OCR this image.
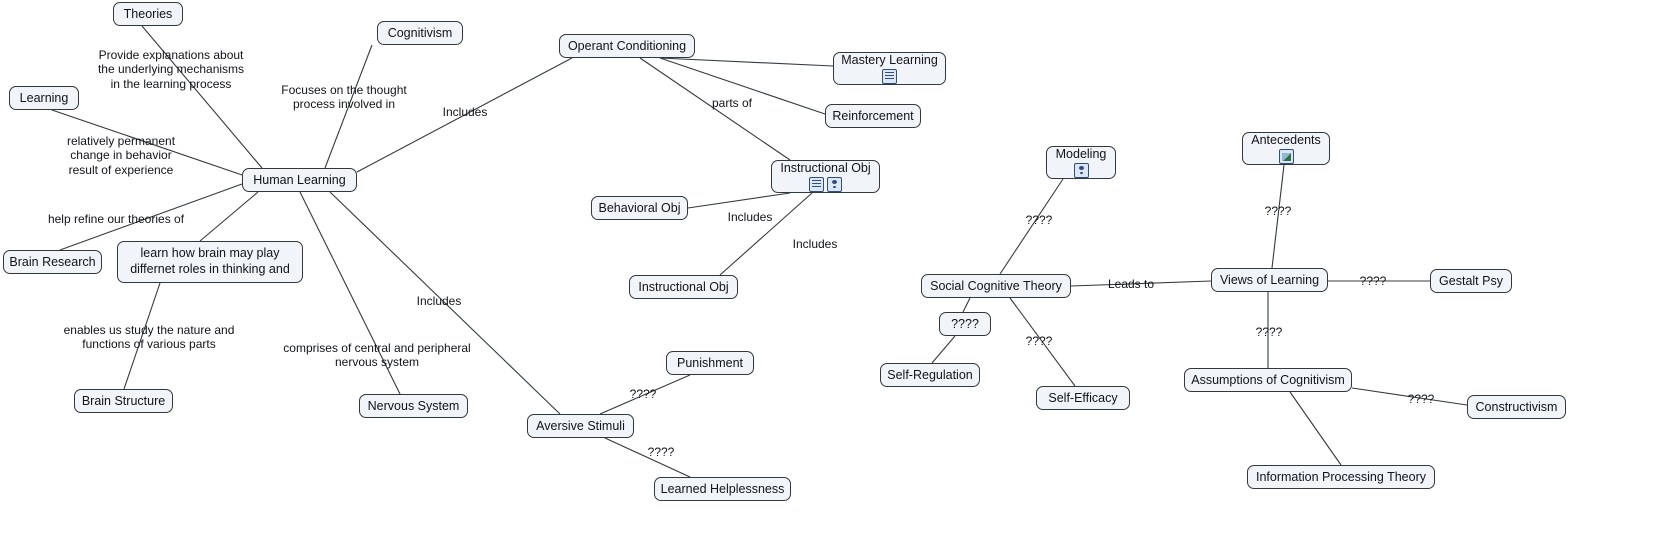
Theories
Cognitivism
Operant Conditioning
Mastery Learning
Learning
Reinforcement
Antecedents
Modeling
Instructional Obj
Human Learning
Behavioral Obj
Brain Research
learn how brain may play differnet roles in thinking and
Views of Learning
Social Cognitive Theory
Instructional Obj	Gestalt Psy
????
Punishment
Self-Regulation	Assumptions of Cognitivism
Self-Efficacy
Brain Structure	Constructivism
Nervous System
Aversive Stimuli
Information Processing Theory
Learned Helplessness
Provide explanations about the underlying mechanisms in the learning process	Focuses on the thought process involved in
Includes
parts of
relatively permanent change in behavior result of experience
help refine our theories of	Includes
Includes
????
????
Leads to	????
enables us study the nature and functions of various parts
????
????
comprises of central and peripheral nervous system
Includes
????	????
????
